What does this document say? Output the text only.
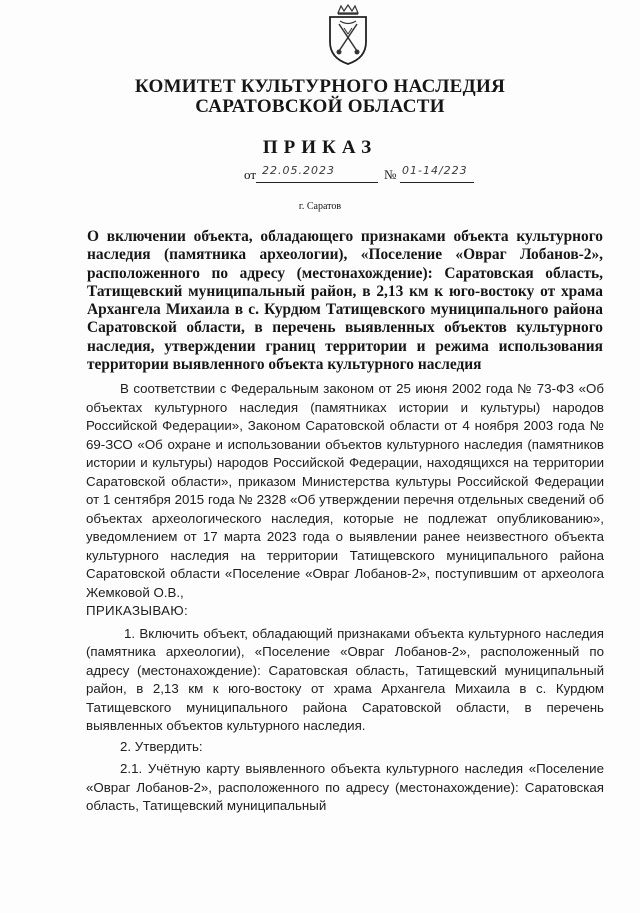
КОМИТЕТ КУЛЬТУРНОГО НАСЛЕДИЯ
САРАТОВСКОЙ ОБЛАСТИ
ПРИКАЗ
от 22.05.2023	№ 01-14/223
г. Саратов
О включении объекта, обладающего признаками объекта культурного наследия (памятника археологии), «Поселение «Овраг Лобанов-2», расположенного по адресу (местонахождение): Саратовская область, Татищевский муниципальный район, в 2,13 км к юго-востоку от храма Архангела Михаила в с. Курдюм Татищевского муниципального района Саратовской области, в перечень выявленных объектов культурного наследия, утверждении границ территории и режима использования территории выявленного объекта культурного наследия

В соответствии с Федеральным законом от 25 июня 2002 года № 73-ФЗ «Об объектах культурного наследия (памятниках истории и культуры) народов Российской Федерации», Законом Саратовской области от 4 ноября 2003 года № 69-ЗСО «Об охране и использовании объектов культурного наследия (памятников истории и культуры) народов Российской Федерации, находящихся на территории Саратовской области», приказом Министерства культуры Российской Федерации от 1 сентября 2015 года № 2328 «Об утверждении перечня отдельных сведений об объектах археологического наследия, которые не подлежат опубликованию», уведомлением от 17 марта 2023 года о выявлении ранее неизвестного объекта культурного наследия на территории Татищевского муниципального района Саратовской области «Поселение «Овраг Лобанов-2», поступившим от археолога Жемковой О.В.,

ПРИКАЗЫВАЮ:

1. Включить объект, обладающий признаками объекта культурного наследия (памятника археологии), «Поселение «Овраг Лобанов-2», расположенный по адресу (местонахождение): Саратовская область, Татищевский муниципальный район, в 2,13 км к юго-востоку от храма Архангела Михаила в с. Курдюм Татищевского муниципального района Саратовской области, в перечень выявленных объектов культурного наследия.

2. Утвердить:

2.1. Учётную карту выявленного объекта культурного наследия «Поселение «Овраг Лобанов-2», расположенного по адресу (местонахождение): Саратовская область, Татищевский муниципальный
